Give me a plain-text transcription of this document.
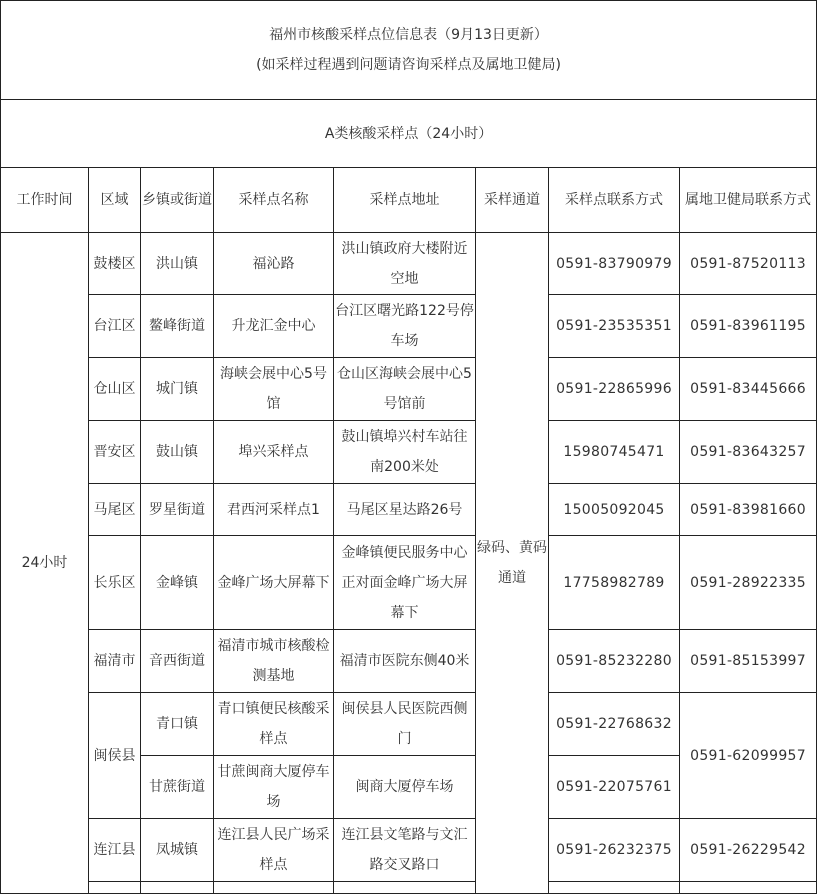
福州市核酸采样点位信息表（9月13日更新）
(如采样过程遇到问题请咨询采样点及属地卫健局)							

A类核酸采样点（24小时）							
工作时间	区域	乡镇或街道	采样点名称	采样点地址	采样通道	采样点联系方式	属地卫健局联系方式
24小时	鼓楼区	洪山镇	福沁路	洪山镇政府大楼附近空地	绿码、黄码通道	0591-83790979	0591-87520113
	台江区	鳌峰街道	升龙汇金中心	台江区曙光路122号停车场		0591-23535351	0591-83961195
	仓山区	城门镇	海峡会展中心5号馆	仓山区海峡会展中心5号馆前		0591-22865996	0591-83445666
	晋安区	鼓山镇	埠兴采样点	鼓山镇埠兴村车站往南200米处		15980745471	0591-83643257
	马尾区	罗星街道	君西河采样点1	马尾区星达路26号		15005092045	0591-83981660
	长乐区	金峰镇	金峰广场大屏幕下	金峰镇便民服务中心正对面金峰广场大屏幕下		17758982789	0591-28922335
	福清市	音西街道	福清市城市核酸检测基地	福清市医院东侧40米		0591-85232280	0591-85153997
	闽侯县	青口镇	青口镇便民核酸采样点	闽侯县人民医院西侧门		0591-22768632	0591-62099957
		甘蔗街道	甘蔗闽商大厦停车场	闽商大厦停车场		0591-22075761	
	连江县	凤城镇	连江县人民广场采样点	连江县文笔路与文汇路交叉路口		0591-26232375	0591-26229542
